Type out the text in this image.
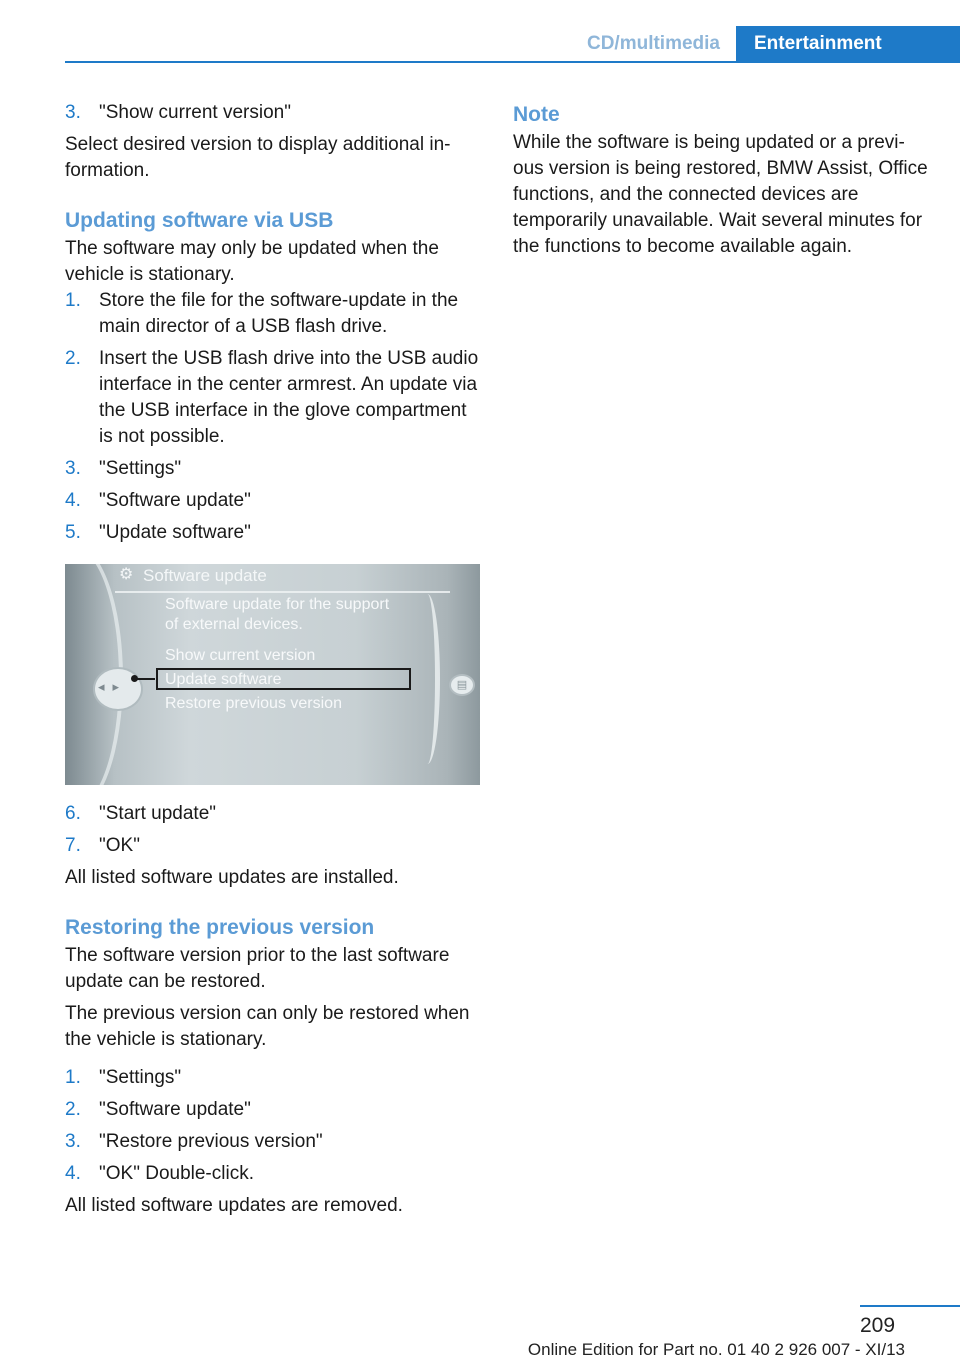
CD/multimedia	Entertainment
3. "Show current version"

Select desired version to display additional information.

Updating software via USB

The software may only be updated when the vehicle is stationary.

1. Store the file for the software-update in the main director of a USB flash drive.
2. Insert the USB flash drive into the USB audio interface in the center armrest. An update via the USB interface in the glove compartment is not possible.
3. "Settings"
4. "Software update"
5. "Update software"
⚙ Software update
Software update for the support
of external devices.
Show current version
Update software
Restore previous version
◂▸	▤
6. "Start update"
7. "OK"

All listed software updates are installed.

Restoring the previous version

The software version prior to the last software update can be restored.

The previous version can only be restored when the vehicle is stationary.

1. "Settings"
2. "Software update"
3. "Restore previous version"
4. "OK" Double-click.

All listed software updates are removed.

Note

While the software is being updated or a previous version is being restored, BMW Assist, Office functions, and the connected devices are temporarily unavailable. Wait several minutes for the functions to become available again.

209
Online Edition for Part no. 01 40 2 926 007 - XI/13
